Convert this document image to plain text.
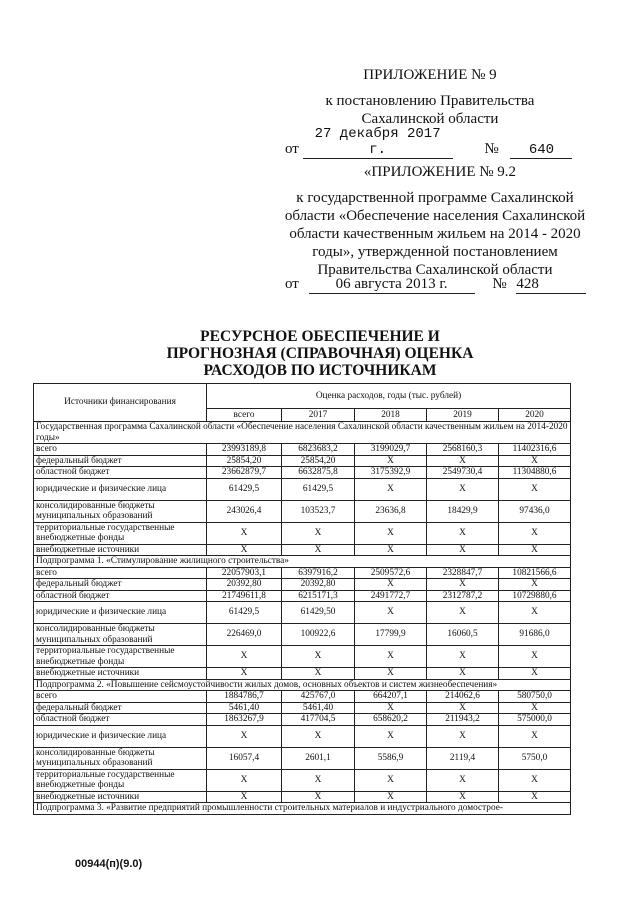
ПРИЛОЖЕНИЕ № 9
к постановлению Правительства
Сахалинской области
от 27 декабря 2017 г.	№ 640
«ПРИЛОЖЕНИЕ № 9.2
к государственной программе Сахалинской
области «Обеспечение населения Сахалинской
области качественным жильем на 2014 - 2020
годы», утвержденной постановлением
Правительства Сахалинской области
от 06 августа 2013 г.	№ 428
РЕСУРСНОЕ ОБЕСПЕЧЕНИЕ И
ПРОГНОЗНАЯ (СПРАВОЧНАЯ) ОЦЕНКА
РАСХОДОВ ПО ИСТОЧНИКАМ
Источники финансирования	Оценка расходов, годы (тыс. рублей)				
	всего	2017	2018	2019	2020
Государственная программа Сахалинской области «Обеспечение населения Сахалинской области качественным жильем на 2014-2020 годы»					
всего	23993189,8	6823683,2	3199029,7	2568160,3	11402316,6
федеральный бюджет	25854,20	25854,20	Х	Х	Х
областной бюджет	23662879,7	6632875,8	3175392,9	2549730,4	11304880,6
юридические и физические лица	61429,5	61429,5	Х	Х	Х
консолидированные бюджеты муниципальных образований	243026,4	103523,7	23636,8	18429,9	97436,0
территориальные государственные внебюджетные фонды	Х	Х	Х	Х	Х
внебюджетные источники	Х	Х	Х	Х	Х
Подпрограмма 1. «Стимулирование жилищного строительства»					
всего	22057903,1	6397916,2	2509572,6	2328847,7	10821566,6
федеральный бюджет	20392,80	20392,80	Х	Х	Х
областной бюджет	21749611,8	6215171,3	2491772,7	2312787,2	10729880,6
юридические и физические лица	61429,5	61429,50	Х	Х	Х
консолидированные бюджеты муниципальных образований	226469,0	100922,6	17799,9	16060,5	91686,0
территориальные государственные внебюджетные фонды	Х	Х	Х	Х	Х
внебюджетные источники	Х	Х	Х	Х	Х
Подпрограмма 2. «Повышение сейсмоустойчивости жилых домов, основных объектов и систем жизнеобеспечения»					
всего	1884786,7	425767,0	664207,1	214062,6	580750,0
федеральный бюджет	5461,40	5461,40	Х	Х	Х
областной бюджет	1863267,9	417704,5	658620,2	211943,2	575000,0
юридические и физические лица	Х	Х	Х	Х	Х
консолидированные бюджеты муниципальных образований	16057,4	2601,1	5586,9	2119,4	5750,0
территориальные государственные внебюджетные фонды	Х	Х	Х	Х	Х
внебюджетные источники	Х	Х	Х	Х	Х
Подпрограмма 3. «Развитие предприятий промышленности строительных материалов и индустриального домострое-					
00944(п)(9.0)
